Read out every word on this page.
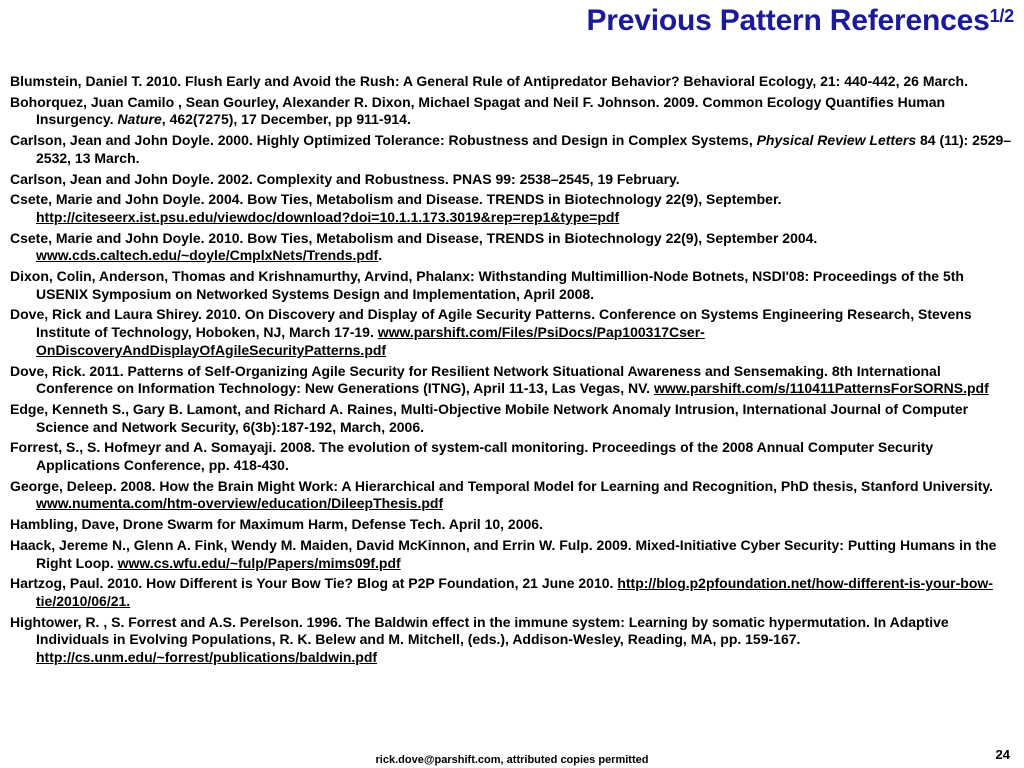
Previous Pattern References$^{1/2}$
Blumstein, Daniel T. 2010. Flush Early and Avoid the Rush: A General Rule of Antipredator Behavior? Behavioral Ecology, 21: 440-442, 26 March.
Bohorquez, Juan Camilo , Sean Gourley, Alexander R. Dixon, Michael Spagat and Neil F. Johnson. 2009. Common Ecology Quantifies Human Insurgency. Nature, 462(7275), 17 December, pp 911-914.
Carlson, Jean and John Doyle. 2000. Highly Optimized Tolerance: Robustness and Design in Complex Systems, Physical Review Letters 84 (11): 2529–2532, 13 March.
Carlson, Jean and John Doyle. 2002. Complexity and Robustness. PNAS 99: 2538–2545, 19 February.
Csete, Marie and John Doyle. 2004. Bow Ties, Metabolism and Disease. TRENDS in Biotechnology 22(9), September. http://citeseerx.ist.psu.edu/viewdoc/download?doi=10.1.1.173.3019&rep=rep1&type=pdf
Csete, Marie and John Doyle. 2010. Bow Ties, Metabolism and Disease, TRENDS in Biotechnology 22(9), September 2004. www.cds.caltech.edu/~doyle/CmplxNets/Trends.pdf.
Dixon, Colin, Anderson, Thomas and Krishnamurthy, Arvind, Phalanx: Withstanding Multimillion-Node Botnets, NSDI'08: Proceedings of the 5th USENIX Symposium on Networked Systems Design and Implementation, April 2008.
Dove, Rick and Laura Shirey. 2010. On Discovery and Display of Agile Security Patterns. Conference on Systems Engineering Research, Stevens Institute of Technology, Hoboken, NJ, March 17-19. www.parshift.com/Files/PsiDocs/Pap100317Cser-OnDiscoveryAndDisplayOfAgileSecurityPatterns.pdf
Dove, Rick. 2011. Patterns of Self-Organizing Agile Security for Resilient Network Situational Awareness and Sensemaking. 8th International Conference on Information Technology: New Generations (ITNG), April 11-13, Las Vegas, NV. www.parshift.com/s/110411PatternsForSORNS.pdf
Edge, Kenneth S., Gary B. Lamont, and Richard A. Raines, Multi-Objective Mobile Network Anomaly Intrusion, International Journal of Computer Science and Network Security, 6(3b):187-192, March, 2006.
Forrest, S., S. Hofmeyr and A. Somayaji. 2008. The evolution of system-call monitoring. Proceedings of the 2008 Annual Computer Security Applications Conference, pp. 418-430.
George, Deleep. 2008. How the Brain Might Work: A Hierarchical and Temporal Model for Learning and Recognition, PhD thesis, Stanford University. www.numenta.com/htm-overview/education/DileepThesis.pdf
Hambling, Dave, Drone Swarm for Maximum Harm, Defense Tech. April 10, 2006.
Haack, Jereme N., Glenn A. Fink, Wendy M. Maiden, David McKinnon, and Errin W. Fulp. 2009. Mixed-Initiative Cyber Security: Putting Humans in the Right Loop. www.cs.wfu.edu/~fulp/Papers/mims09f.pdf
Hartzog, Paul. 2010. How Different is Your Bow Tie? Blog at P2P Foundation, 21 June 2010. http://blog.p2pfoundation.net/how-different-is-your-bow-tie/2010/06/21.
Hightower, R. , S. Forrest and A.S. Perelson. 1996. The Baldwin effect in the immune system: Learning by somatic hypermutation. In Adaptive Individuals in Evolving Populations, R. K. Belew and M. Mitchell, (eds.), Addison-Wesley, Reading, MA, pp. 159-167. http://cs.unm.edu/~forrest/publications/baldwin.pdf
rick.dove@parshift.com, attributed copies permitted	24
